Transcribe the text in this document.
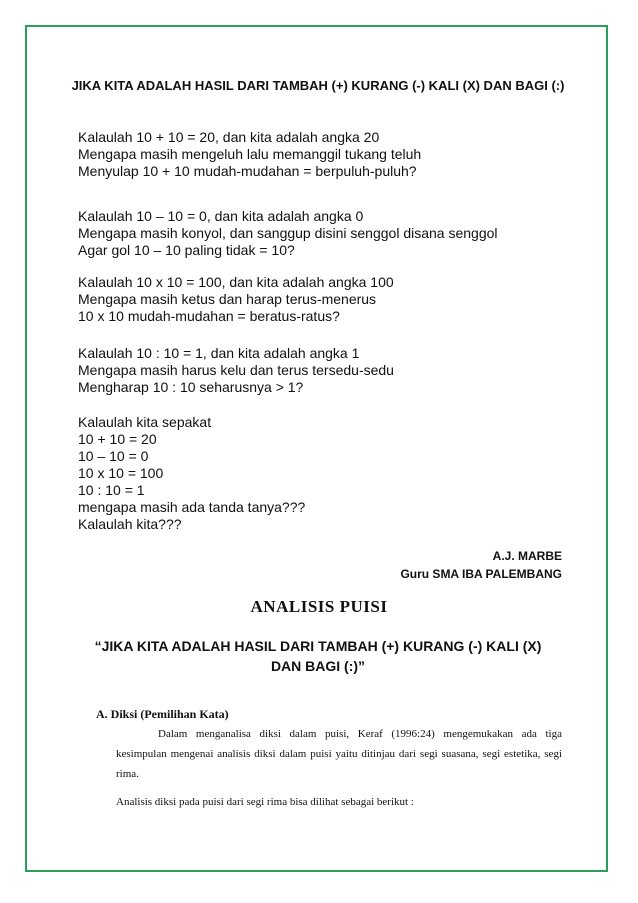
JIKA KITA ADALAH HASIL DARI TAMBAH (+) KURANG (-) KALI (X) DAN BAGI (:)
Kalaulah 10 + 10 = 20, dan kita adalah angka 20
Mengapa masih mengeluh lalu memanggil tukang teluh
Menyulap 10 + 10 mudah-mudahan = berpuluh-puluh?
Kalaulah 10 – 10 = 0, dan kita adalah angka 0
Mengapa masih konyol, dan sanggup disini senggol disana senggol
Agar gol 10 – 10 paling tidak = 10?
Kalaulah 10 x 10 = 100, dan kita adalah angka 100
Mengapa masih ketus dan harap terus-menerus
10 x 10 mudah-mudahan = beratus-ratus?
Kalaulah 10 : 10 = 1, dan kita adalah angka 1
Mengapa masih harus kelu dan terus tersedu-sedu
Mengharap 10 : 10 seharusnya > 1?
Kalaulah kita sepakat
10 + 10 = 20
10 – 10 = 0
10 x 10 = 100
10 : 10 = 1
mengapa masih ada tanda tanya???
Kalaulah kita???
A.J. MARBE
Guru SMA IBA PALEMBANG
ANALISIS PUISI
“JIKA KITA ADALAH HASIL DARI TAMBAH (+) KURANG (-) KALI (X) DAN BAGI (:)”
A. Diksi (Pemilihan Kata)
Dalam menganalisa diksi dalam puisi, Keraf (1996:24) mengemukakan ada tiga kesimpulan mengenai analisis diksi dalam puisi yaitu ditinjau dari segi suasana, segi estetika, segi rima.
Analisis diksi pada puisi dari segi rima bisa dilihat sebagai berikut :
